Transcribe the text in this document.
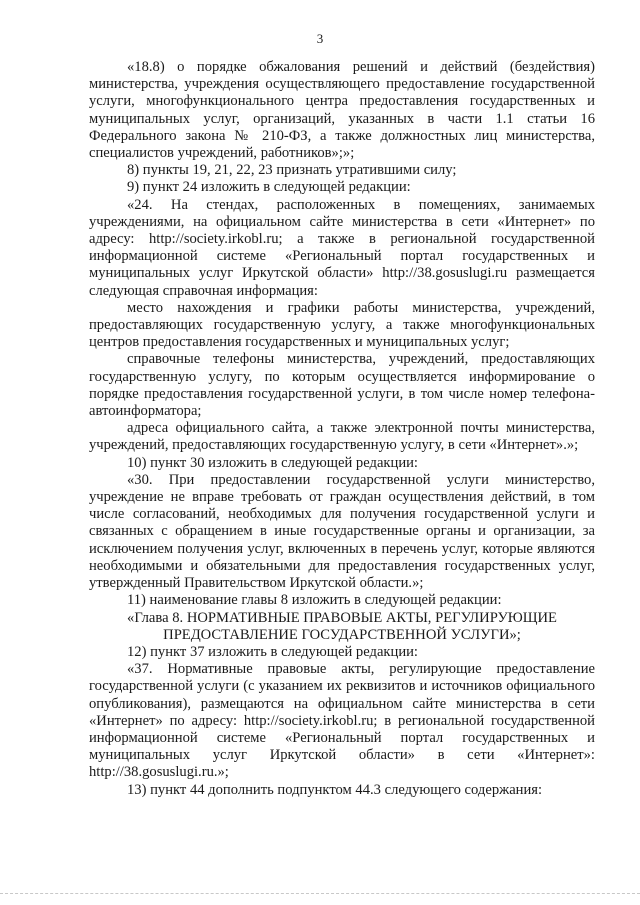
3

«18.8) о порядке обжалования решений и действий (бездействия) министерства, учреждения осуществляющего предоставление государственной услуги, многофункционального центра предоставления государственных и муниципальных услуг, организаций, указанных в части 1.1 статьи 16 Федерального закона № 210-ФЗ, а также должностных лиц министерства, специалистов учреждений, работников»;»;

8) пункты 19, 21, 22, 23 признать утратившими силу;

9) пункт 24 изложить в следующей редакции:

«24. На стендах, расположенных в помещениях, занимаемых учреждениями, на официальном сайте министерства в сети «Интернет» по адресу: http://society.irkobl.ru; а также в региональной государственной информационной системе «Региональный портал государственных и муниципальных услуг Иркутской области» http://38.gosuslugi.ru размещается следующая справочная информация:

место нахождения и графики работы министерства, учреждений, предоставляющих государственную услугу, а также многофункциональных центров предоставления государственных и муниципальных услуг;

справочные телефоны министерства, учреждений, предоставляющих государственную услугу, по которым осуществляется информирование о порядке предоставления государственной услуги, в том числе номер телефона-автоинформатора;

адреса официального сайта, а также электронной почты министерства, учреждений, предоставляющих государственную услугу, в сети «Интернет».»;

10) пункт 30 изложить в следующей редакции:

«30. При предоставлении государственной услуги министерство, учреждение не вправе требовать от граждан осуществления действий, в том числе согласований, необходимых для получения государственной услуги и связанных с обращением в иные государственные органы и организации, за исключением получения услуг, включенных в перечень услуг, которые являются необходимыми и обязательными для предоставления государственных услуг, утвержденный Правительством Иркутской области.»;

11) наименование главы 8 изложить в следующей редакции:

«Глава 8. НОРМАТИВНЫЕ ПРАВОВЫЕ АКТЫ, РЕГУЛИРУЮЩИЕ ПРЕДОСТАВЛЕНИЕ ГОСУДАРСТВЕННОЙ УСЛУГИ»;

12) пункт 37 изложить в следующей редакции:

«37. Нормативные правовые акты, регулирующие предоставление государственной услуги (с указанием их реквизитов и источников официального опубликования), размещаются на официальном сайте министерства в сети «Интернет» по адресу: http://society.irkobl.ru; в региональной государственной информационной системе «Региональный портал государственных и муниципальных услуг Иркутской области» в сети «Интернет»: http://38.gosuslugi.ru.»;

13) пункт 44 дополнить подпунктом 44.3 следующего содержания:
